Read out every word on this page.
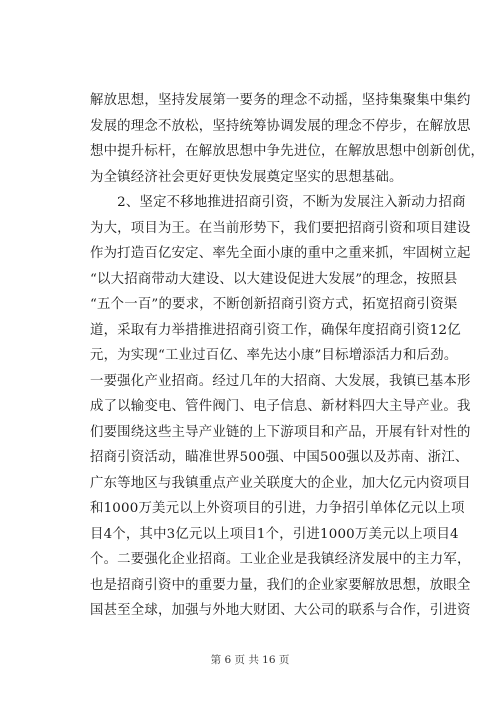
解放思想，坚持发展第一要务的理念不动摇，坚持集聚集中集约
发展的理念不放松，坚持统筹协调发展的理念不停步，在解放思
想中提升标杆，在解放思想中争先进位，在解放思想中创新创优，
为全镇经济社会更好更快发展奠定坚实的思想基础。
　　2、坚定不移地推进招商引资，不断为发展注入新动力招商
为大，项目为王。在当前形势下，我们要把招商引资和项目建设
作为打造百亿安定、率先全面小康的重中之重来抓，牢固树立起
“以大招商带动大建设、以大建设促进大发展”的理念，按照县
“五个一百”的要求，不断创新招商引资方式，拓宽招商引资渠
道，采取有力举措推进招商引资工作，确保年度招商引资12亿
元，为实现“工业过百亿、率先达小康”目标增添活力和后劲。
一要强化产业招商。经过几年的大招商、大发展，我镇已基本形
成了以输变电、管件阀门、电子信息、新材料四大主导产业。我
们要围绕这些主导产业链的上下游项目和产品，开展有针对性的
招商引资活动，瞄准世界500强、中国500强以及苏南、浙江、
广东等地区与我镇重点产业关联度大的企业，加大亿元内资项目
和1000万美元以上外资项目的引进，力争招引单体亿元以上项
目4个，其中3亿元以上项目1个，引进1000万美元以上项目4
个。二要强化企业招商。工业企业是我镇经济发展中的主力军，
也是招商引资中的重要力量，我们的企业家要解放思想，放眼全
国甚至全球，加强与外地大财团、大公司的联系与合作，引进资
第 6 页 共 16 页
